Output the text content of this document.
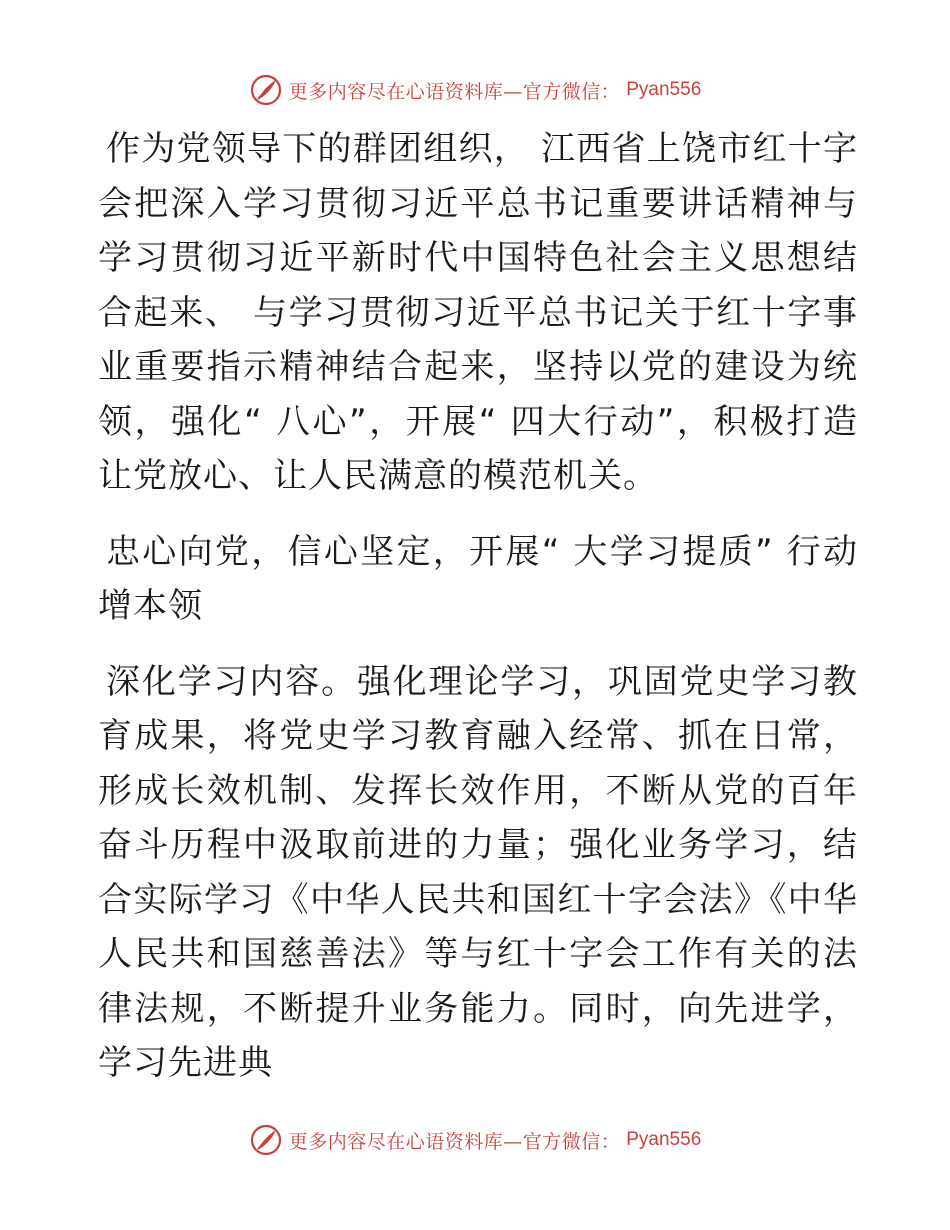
更多内容尽在心语资料库—官方微信： Pyan556

作为党领导下的群团组织， 江西省上饶市红十字会把深入学习贯彻习近平总书记重要讲话精神与学习贯彻习近平新时代中国特色社会主义思想结合起来、 与学习贯彻习近平总书记关于红十字事业重要指示精神结合起来，坚持以党的建设为统领，强化“ 八心”，开展“ 四大行动”，积极打造让党放心、让人民满意的模范机关。

忠心向党，信心坚定，开展“ 大学习提质” 行动增本领

深化学习内容。强化理论学习，巩固党史学习教育成果，将党史学习教育融入经常、抓在日常，形成长效机制、发挥长效作用，不断从党的百年奋斗历程中汲取前进的力量；强化业务学习，结合实际学习《中华人民共和国红十字会法》《中华人民共和国慈善法》等与红十字会工作有关的法律法规，不断提升业务能力。同时，向先进学，学习先进典

更多内容尽在心语资料库—官方微信： Pyan556
